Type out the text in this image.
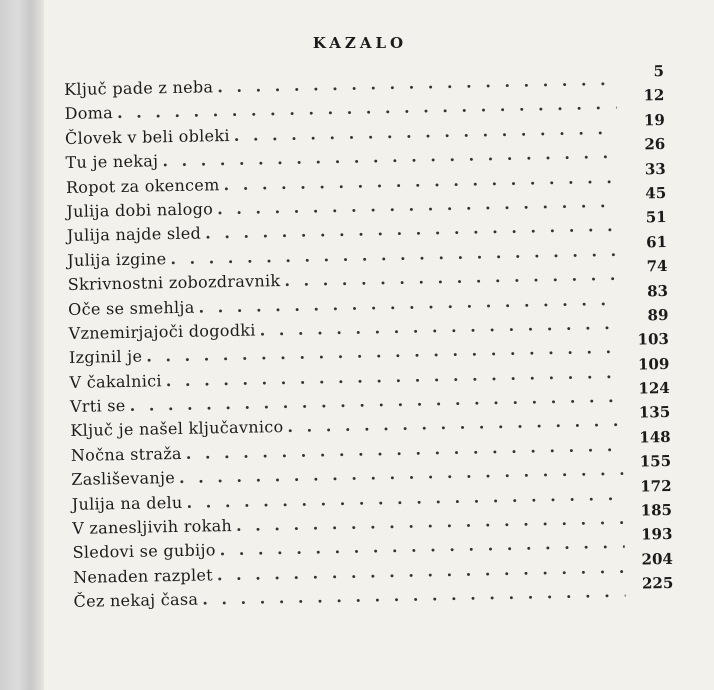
KAZALO
Ključ pade z neba
. . .
5
Doma
. . .
12
Človek v beli obleki
. . .
19
Tu je nekaj
. . .
26
Ropot za okencem
. . .
33
Julija dobi nalogo
. . .
45
Julija najde sled
. . .
51
Julija izgine
. . .
61
Skrivnostni zobozdravnik
. . .
74
Oče se smehlja
. . .
83
Vznemirjajoči dogodki
. . .
89
Izginil je
. . .
103
V čakalnici
. . .
109
Vrti se
. . .
124
Ključ je našel ključavnico
. . .
135
Nočna straža
. . .
148
Zasliševanje
. . .
155
Julija na delu
. . .
172
V zanesljivih rokah
. . .
185
Sledovi se gubijo
. . .
193
Nenaden razplet
. . .
204
Čez nekaj časa
. . .
225
